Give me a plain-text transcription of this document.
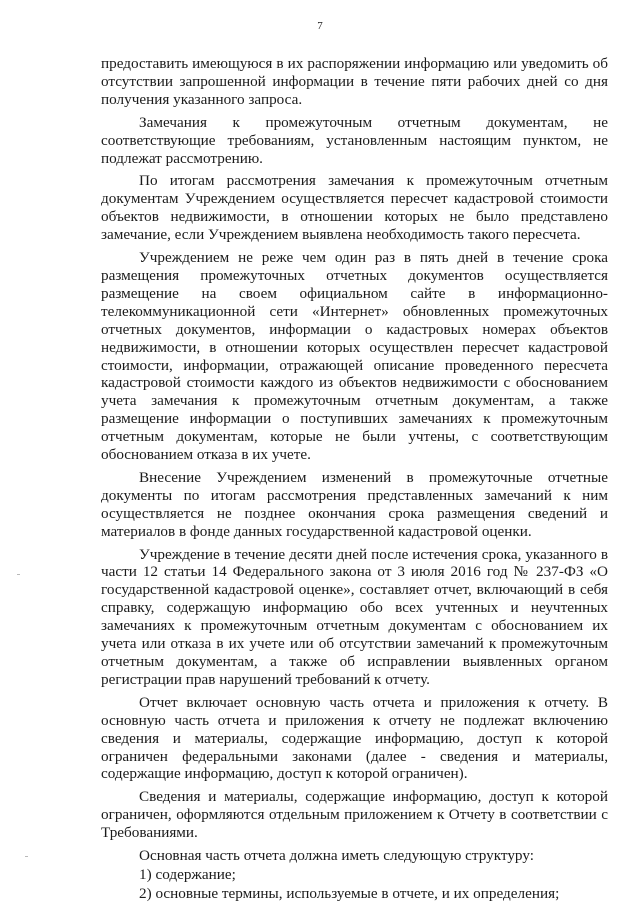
7

предоставить имеющуюся в их распоряжении информацию или уведомить об отсутствии запрошенной информации в течение пяти рабочих дней со дня получения указанного запроса.

Замечания к промежуточным отчетным документам, не соответствующие требованиям, установленным настоящим пунктом, не подлежат рассмотрению.

По итогам рассмотрения замечания к промежуточным отчетным документам Учреждением осуществляется пересчет кадастровой стоимости объектов недвижимости, в отношении которых не было представлено замечание, если Учреждением выявлена необходимость такого пересчета.

Учреждением не реже чем один раз в пять дней в течение срока размещения промежуточных отчетных документов осуществляется размещение на своем официальном сайте в информационно-телекоммуникационной сети «Интернет» обновленных промежуточных отчетных документов, информации о кадастровых номерах объектов недвижимости, в отношении которых осуществлен пересчет кадастровой стоимости, информации, отражающей описание проведенного пересчета кадастровой стоимости каждого из объектов недвижимости с обоснованием учета замечания к промежуточным отчетным документам, а также размещение информации о поступивших замечаниях к промежуточным отчетным документам, которые не были учтены, с соответствующим обоснованием отказа в их учете.

Внесение Учреждением изменений в промежуточные отчетные документы по итогам рассмотрения представленных замечаний к ним осуществляется не позднее окончания срока размещения сведений и материалов в фонде данных государственной кадастровой оценки.

Учреждение в течение десяти дней после истечения срока, указанного в части 12 статьи 14 Федерального закона от 3 июля 2016 год № 237-ФЗ «О государственной кадастровой оценке», составляет отчет, включающий в себя справку, содержащую информацию обо всех учтенных и неучтенных замечаниях к промежуточным отчетным документам с обоснованием их учета или отказа в их учете или об отсутствии замечаний к промежуточным отчетным документам, а также об исправлении выявленных органом регистрации прав нарушений требований к отчету.

Отчет включает основную часть отчета и приложения к отчету. В основную часть отчета и приложения к отчету не подлежат включению сведения и материалы, содержащие информацию, доступ к которой ограничен федеральными законами (далее - сведения и материалы, содержащие информацию, доступ к которой ограничен).

Сведения и материалы, содержащие информацию, доступ к которой ограничен, оформляются отдельным приложением к Отчету в соответствии с Требованиями.

Основная часть отчета должна иметь следующую структуру:

1) содержание;

2) основные термины, используемые в отчете, и их определения;
